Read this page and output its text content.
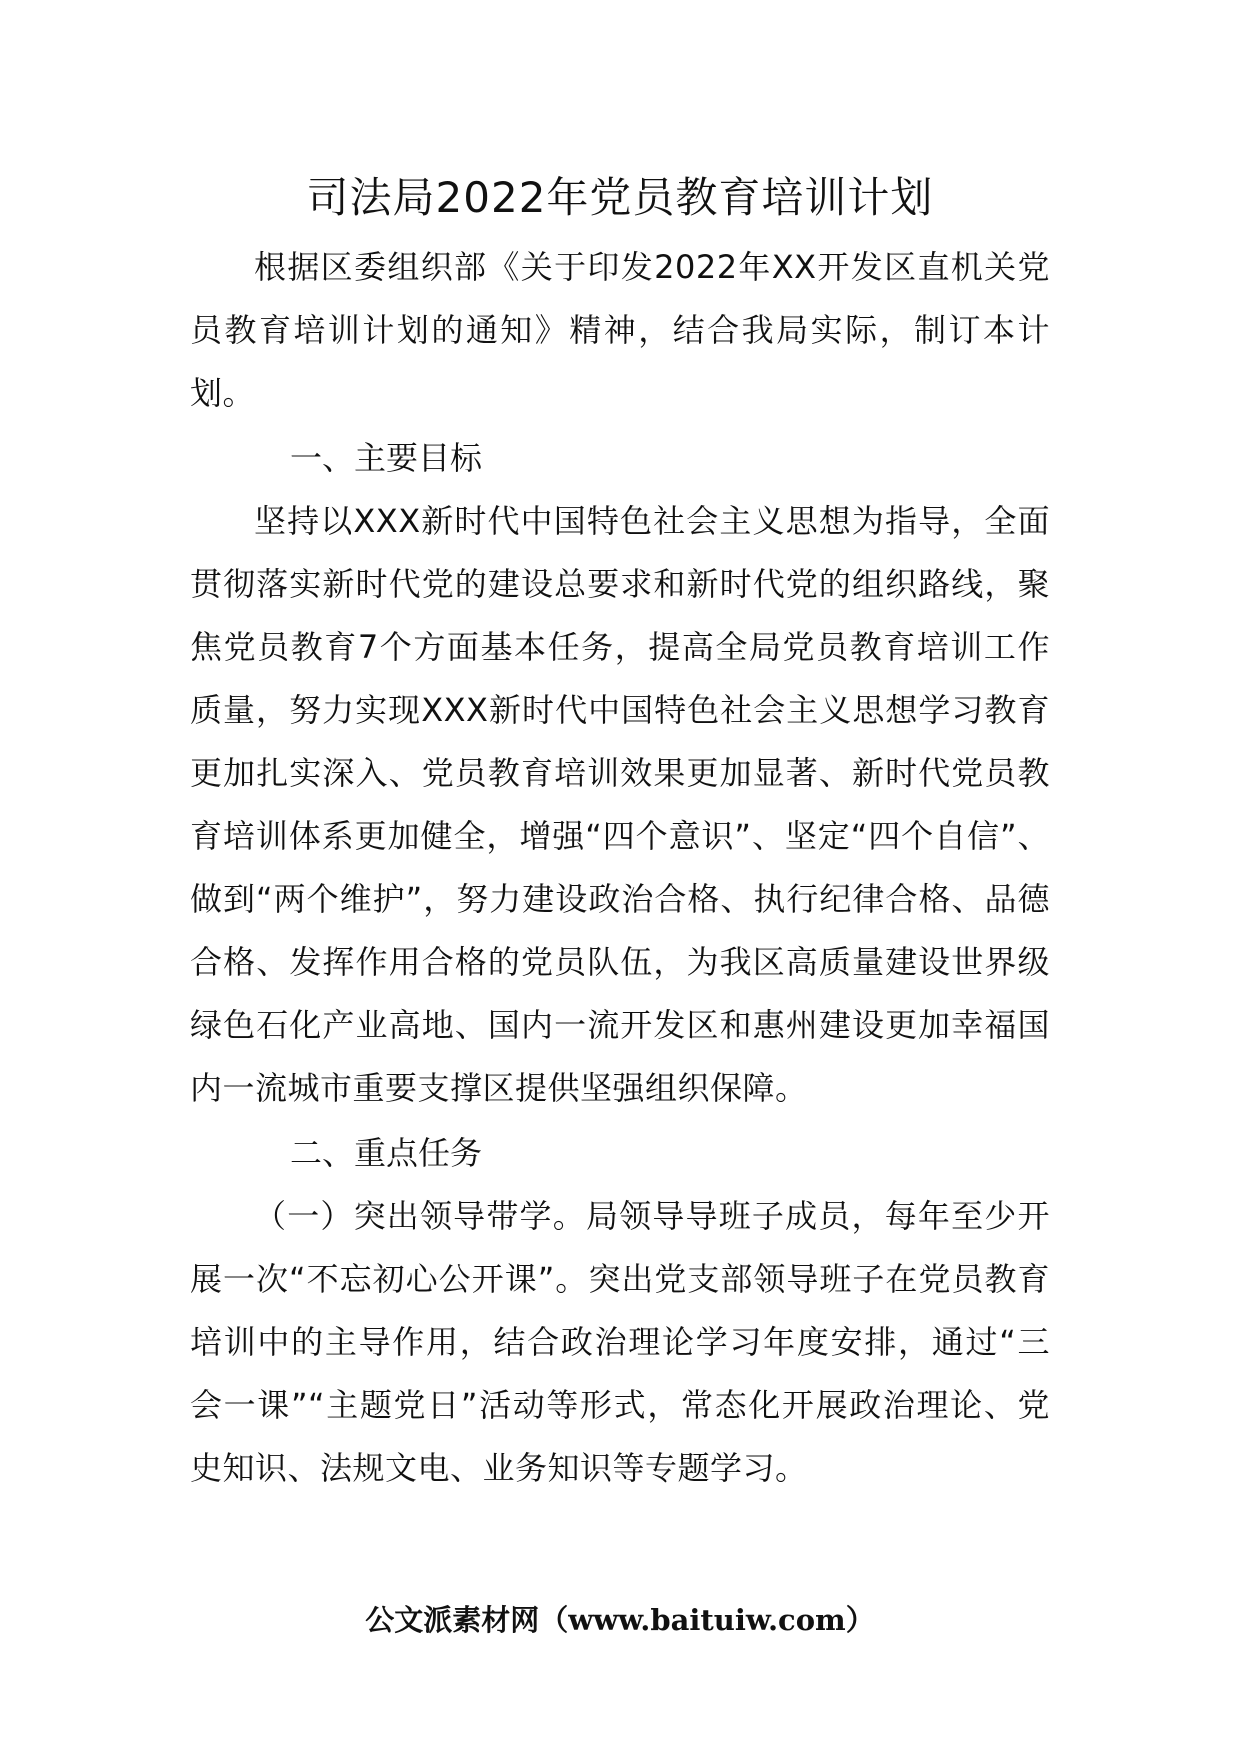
司法局2022年党员教育培训计划

根据区委组织部《关于印发2022年XX开发区直机关党员教育培训计划的通知》精神，结合我局实际，制订本计划。

一、主要目标

坚持以XXX新时代中国特色社会主义思想为指导，全面贯彻落实新时代党的建设总要求和新时代党的组织路线，聚焦党员教育7个方面基本任务，提高全局党员教育培训工作质量，努力实现XXX新时代中国特色社会主义思想学习教育更加扎实深入、党员教育培训效果更加显著、新时代党员教育培训体系更加健全，增强“四个意识”、坚定“四个自信”、做到“两个维护”，努力建设政治合格、执行纪律合格、品德合格、发挥作用合格的党员队伍，为我区高质量建设世界级绿色石化产业高地、国内一流开发区和惠州建设更加幸福国内一流城市重要支撑区提供坚强组织保障。

二、重点任务

（一）突出领导带学。局领导导班子成员，每年至少开展一次“不忘初心公开课”。突出党支部领导班子在党员教育培训中的主导作用，结合政治理论学习年度安排，通过“三会一课”“主题党日”活动等形式，常态化开展政治理论、党史知识、法规文电、业务知识等专题学习。

公文派素材网（www.baituiw.com）
